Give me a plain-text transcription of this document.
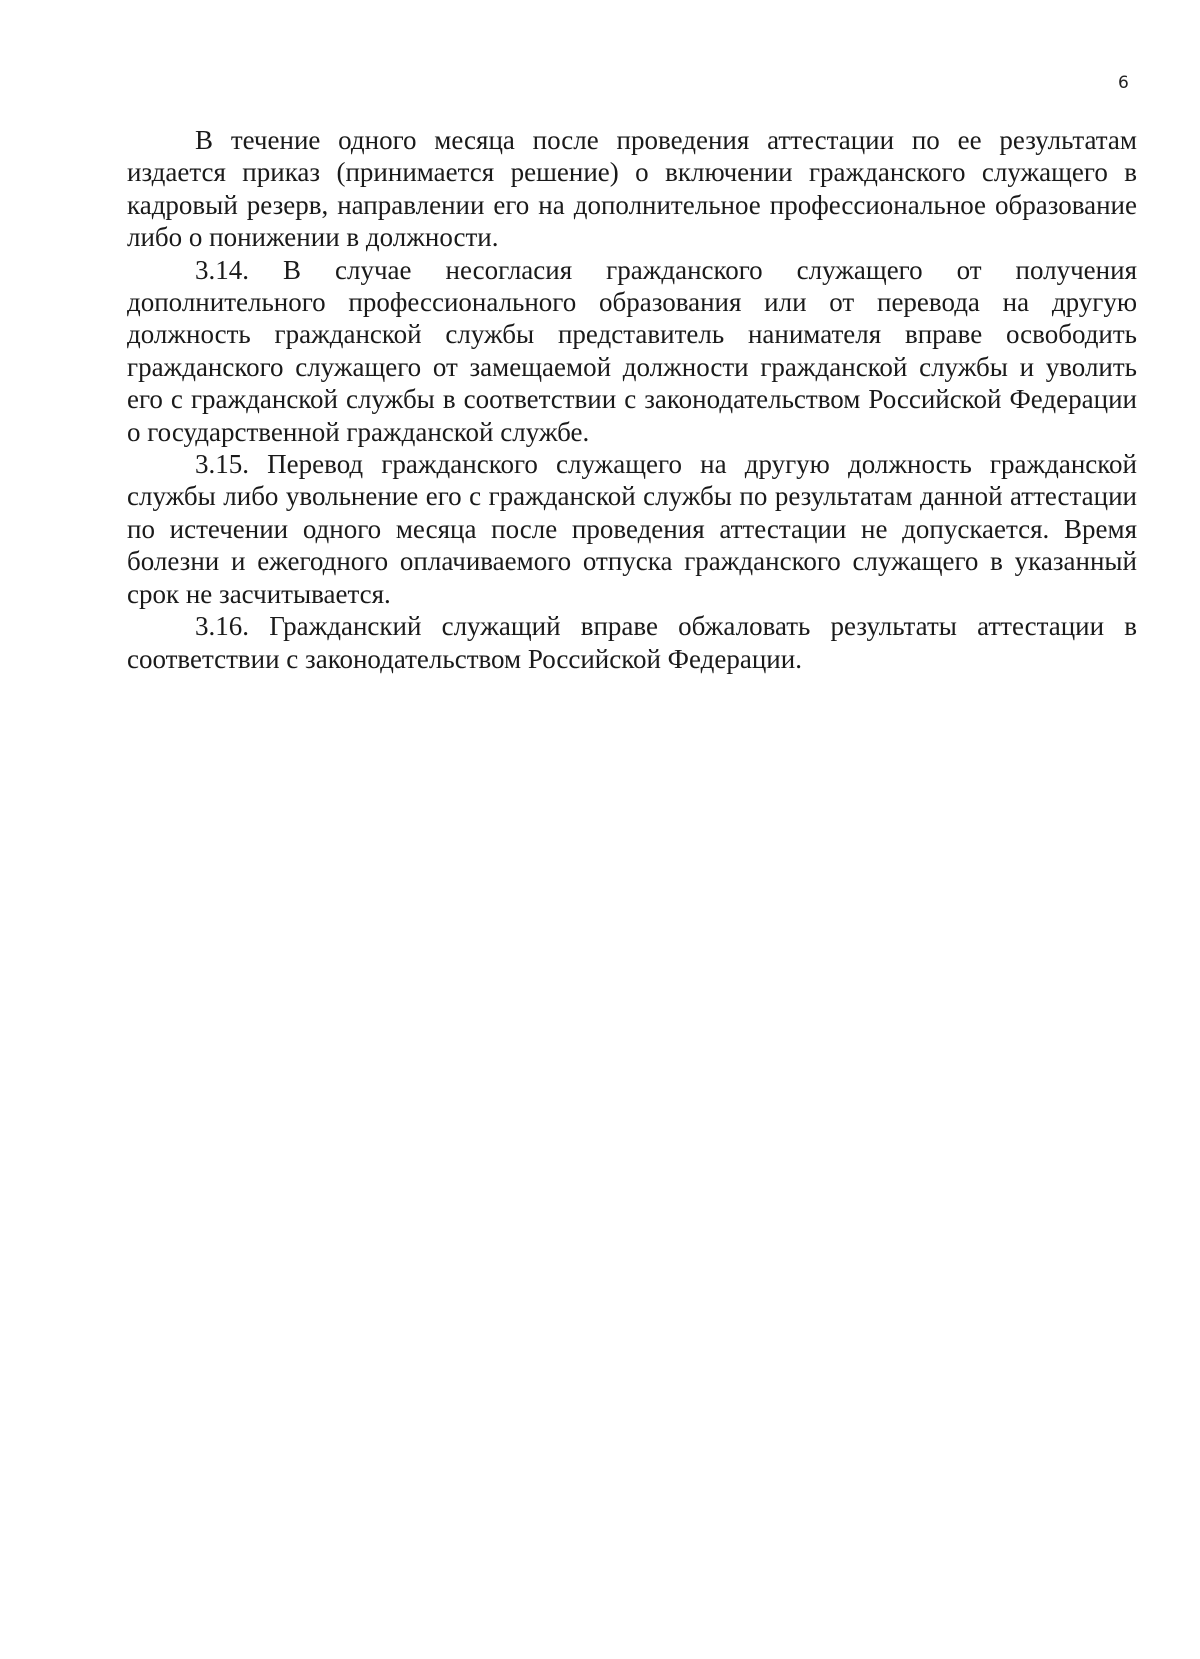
6

В течение одного месяца после проведения аттестации по ее результатам издается приказ (принимается решение) о включении гражданского служащего в кадровый резерв, направлении его на дополнительное профессиональное образование либо о понижении в должности.

3.14. В случае несогласия гражданского служащего от получения дополнительного профессионального образования или от перевода на другую должность гражданской службы представитель нанимателя вправе освободить гражданского служащего от замещаемой должности гражданской службы и уволить его с гражданской службы в соответствии с законодательством Российской Федерации о государственной гражданской службе.

3.15. Перевод гражданского служащего на другую должность гражданской службы либо увольнение его с гражданской службы по результатам данной аттестации по истечении одного месяца после проведения аттестации не допускается. Время болезни и ежегодного оплачиваемого отпуска гражданского служащего в указанный срок не засчитывается.

3.16. Гражданский служащий вправе обжаловать результаты аттестации в соответствии с законодательством Российской Федерации.
